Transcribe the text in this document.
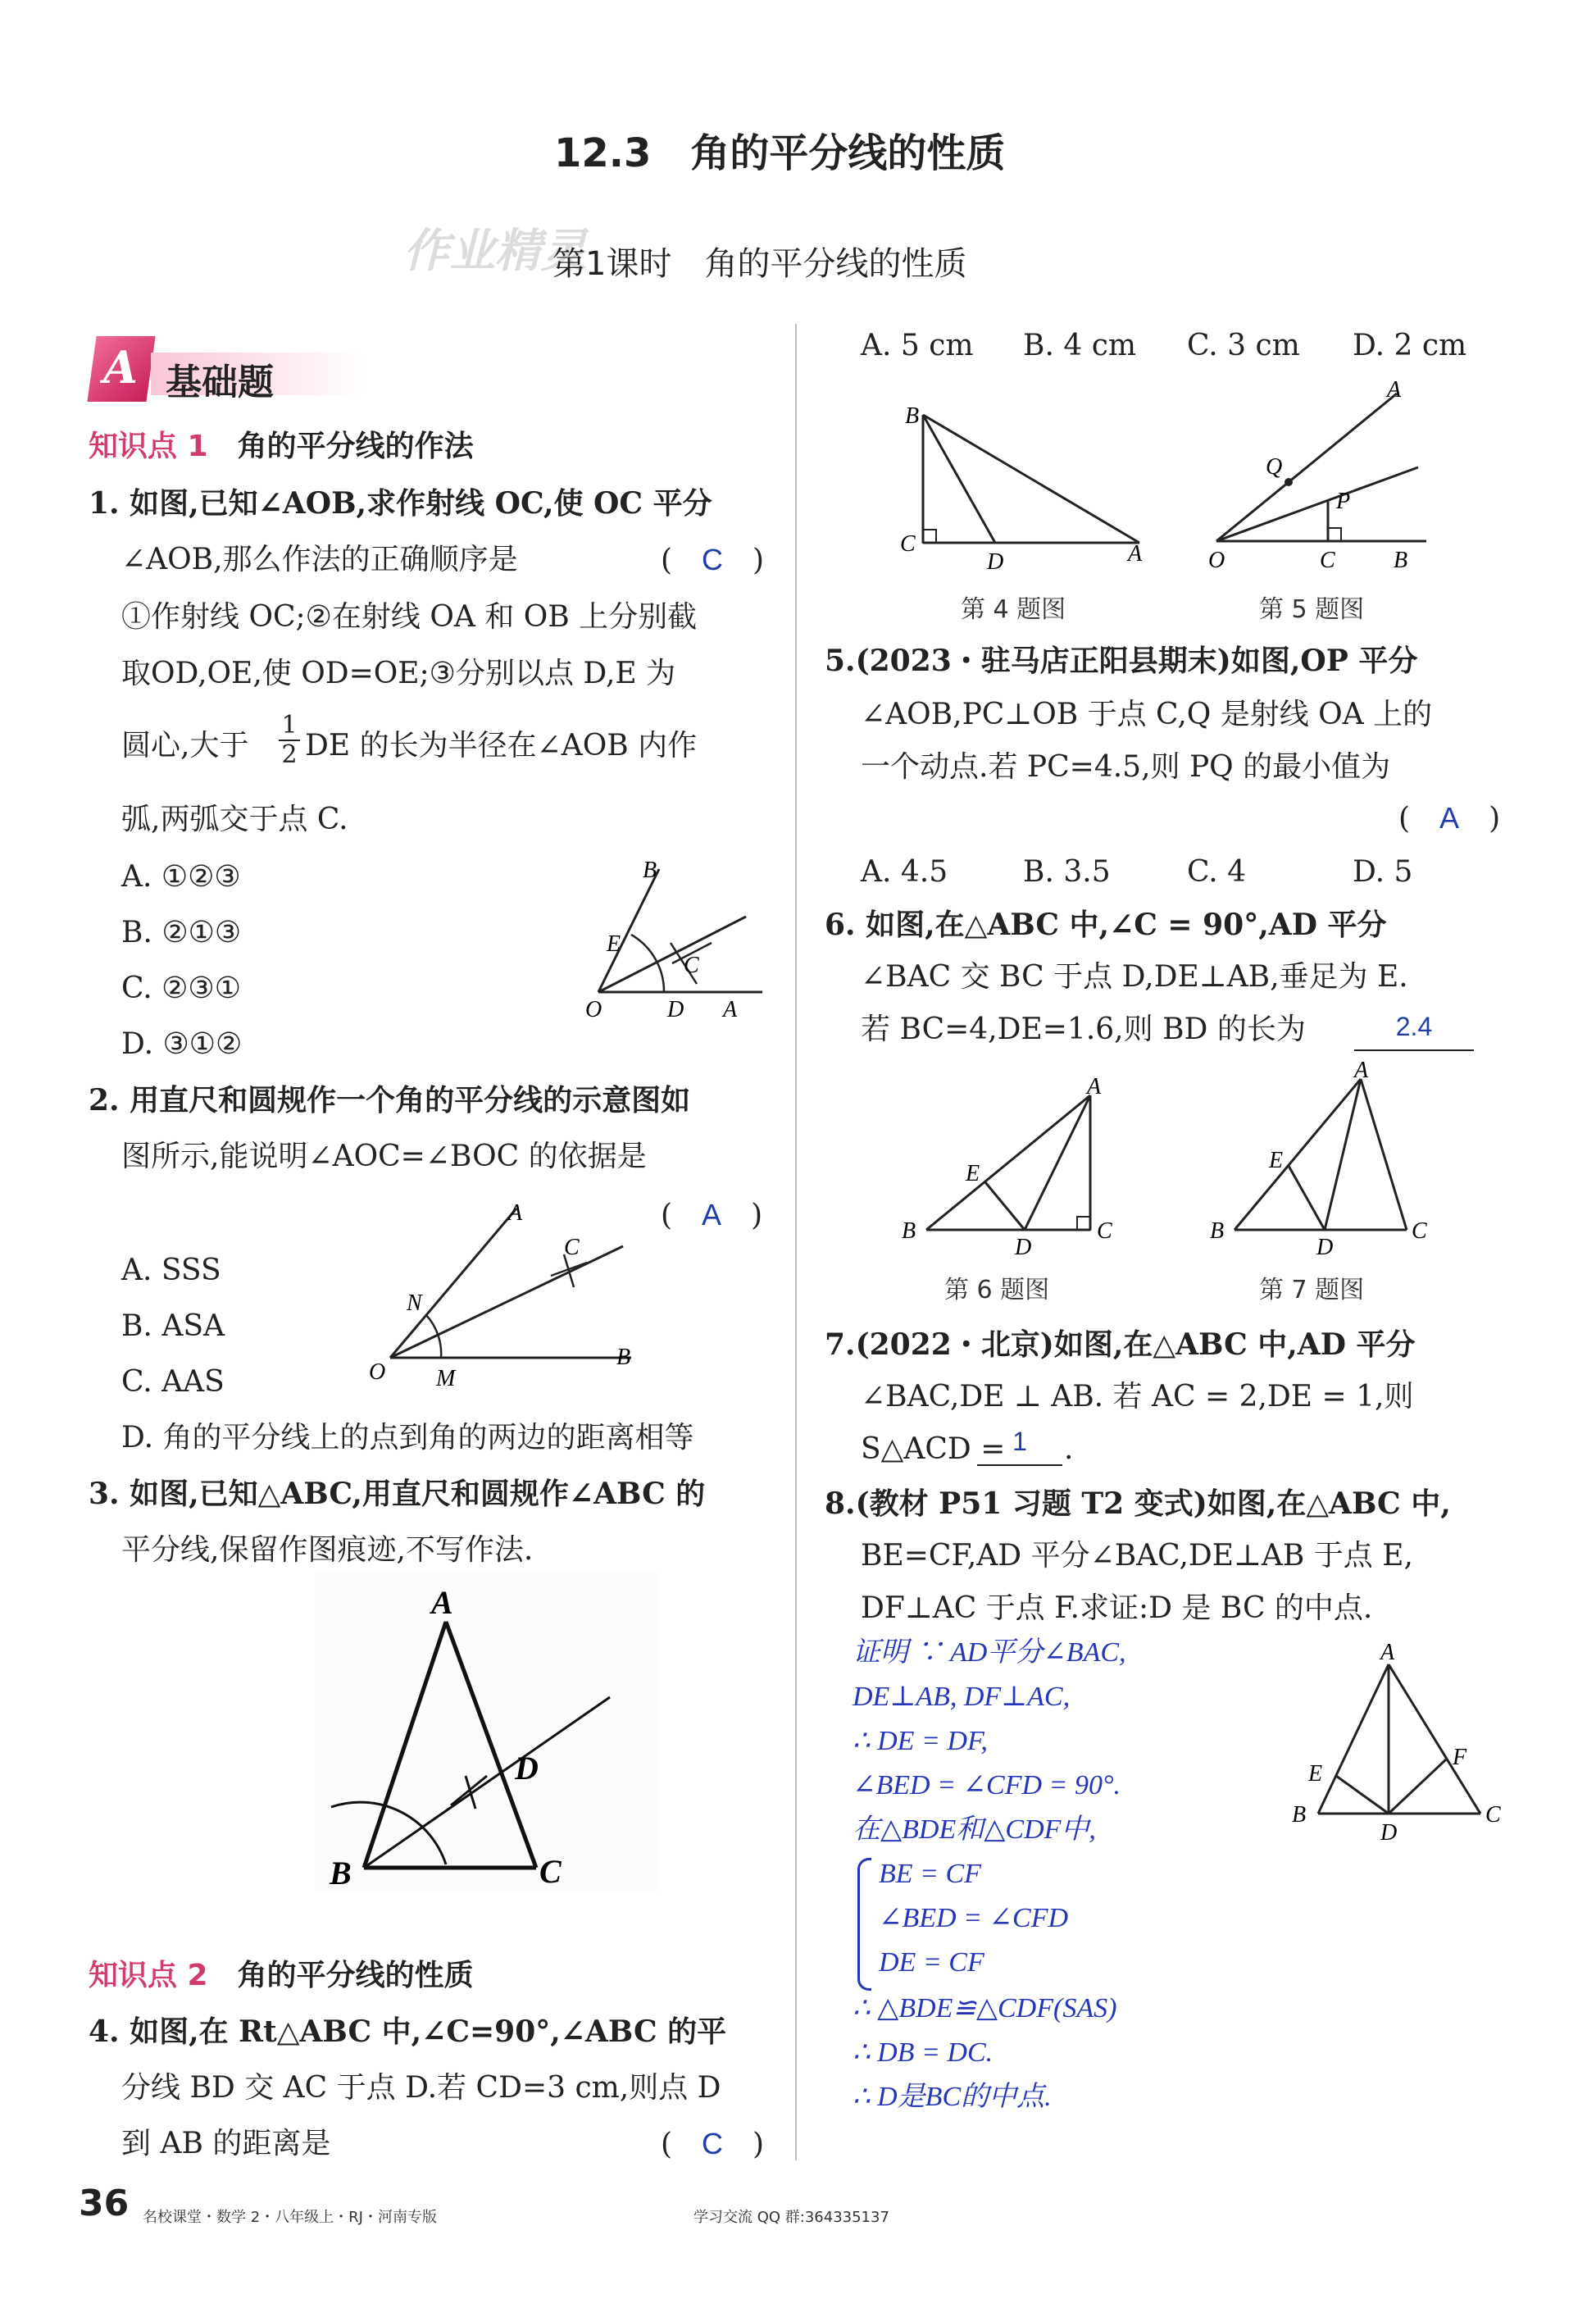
12.3　角的平分线的性质
作业精灵
第1课时　角的平分线的性质
A 基础题
知识点 1　 角的平分线的作法
1. 如图,已知∠AOB,求作射线 OC,使 OC 平分
∠AOB,那么作法的正确顺序是	(　C　)
①作射线 OC;②在射线 OA 和 OB 上分别截
取OD,OE,使 OD=OE;③分别以点 D,E 为
圆心,大于
1
2 DE 的长为半径在∠AOB 内作
弧,两弧交于点 C.
A. ①②③
B. ②①③
C. ②③①
D. ③①②
B
E
C
O	D A
2. 用直尺和圆规作一个角的平分线的示意图如
图所示,能说明∠AOC=∠BOC 的依据是
(　A　)
A. SSS
B. ASA
C. AAS
D. 角的平分线上的点到角的两边的距离相等
A
C
N
O M
B
3. 如图,已知△ABC,用直尺和圆规作∠ABC 的
平分线,保留作图痕迹,不写作法.
A
B	C
D
知识点 2　 角的平分线的性质
4. 如图,在 Rt△ABC 中,∠C=90°,∠ABC 的平
分线 BD 交 AC 于点 D.若 CD=3 cm,则点 D
到 AB 的距离是	(　C　)
A. 5 cm B. 4 cm C. 3 cm D. 2 cm
B
C
D	A
第 4 题图
A
Q
P
O	C	B
第 5 题图
5.(2023・驻马店正阳县期末)如图,OP 平分
∠AOB,PC⊥OB 于点 C,Q 是射线 OA 上的
一个动点.若 PC=4.5,则 PQ 的最小值为
(　A　)
A. 4.5	B. 3.5	C. 4	D. 5
6. 如图,在△ABC 中,∠C = 90°,AD 平分
∠BAC 交 BC 于点 D,DE⊥AB,垂足为 E.
若 BC=4,DE=1.6,则 BD 的长为	2.4
A
E
B
D
C
第 6 题图
A
E
B
D
C
第 7 题图
7.(2022・北京)如图,在△ABC 中,AD 平分
∠BAC,DE ⊥ AB. 若 AC = 2,DE = 1,则
S△ACD = 1	.
8.(教材 P51 习题 T2 变式)如图,在△ABC 中,
BE=CF,AD 平分∠BAC,DE⊥AB 于点 E,
DF⊥AC 于点 F.求证:D 是 BC 的中点.
证明 ∵ AD平分∠BAC,
DE⊥AB, DF⊥AC,
∴ DE = DF,
∠BED = ∠CFD = 90°.
在△BDE和△CDF中,
BE = CF
∠BED = ∠CFD
DE = CF
∴ △BDE≌△CDF(SAS)
∴ DB = DC.
∴ D是BC的中点.
A
E
F
B
D
C
36 名校课堂・数学 2・八年级上・RJ・河南专版	学习交流 QQ 群:364335137
